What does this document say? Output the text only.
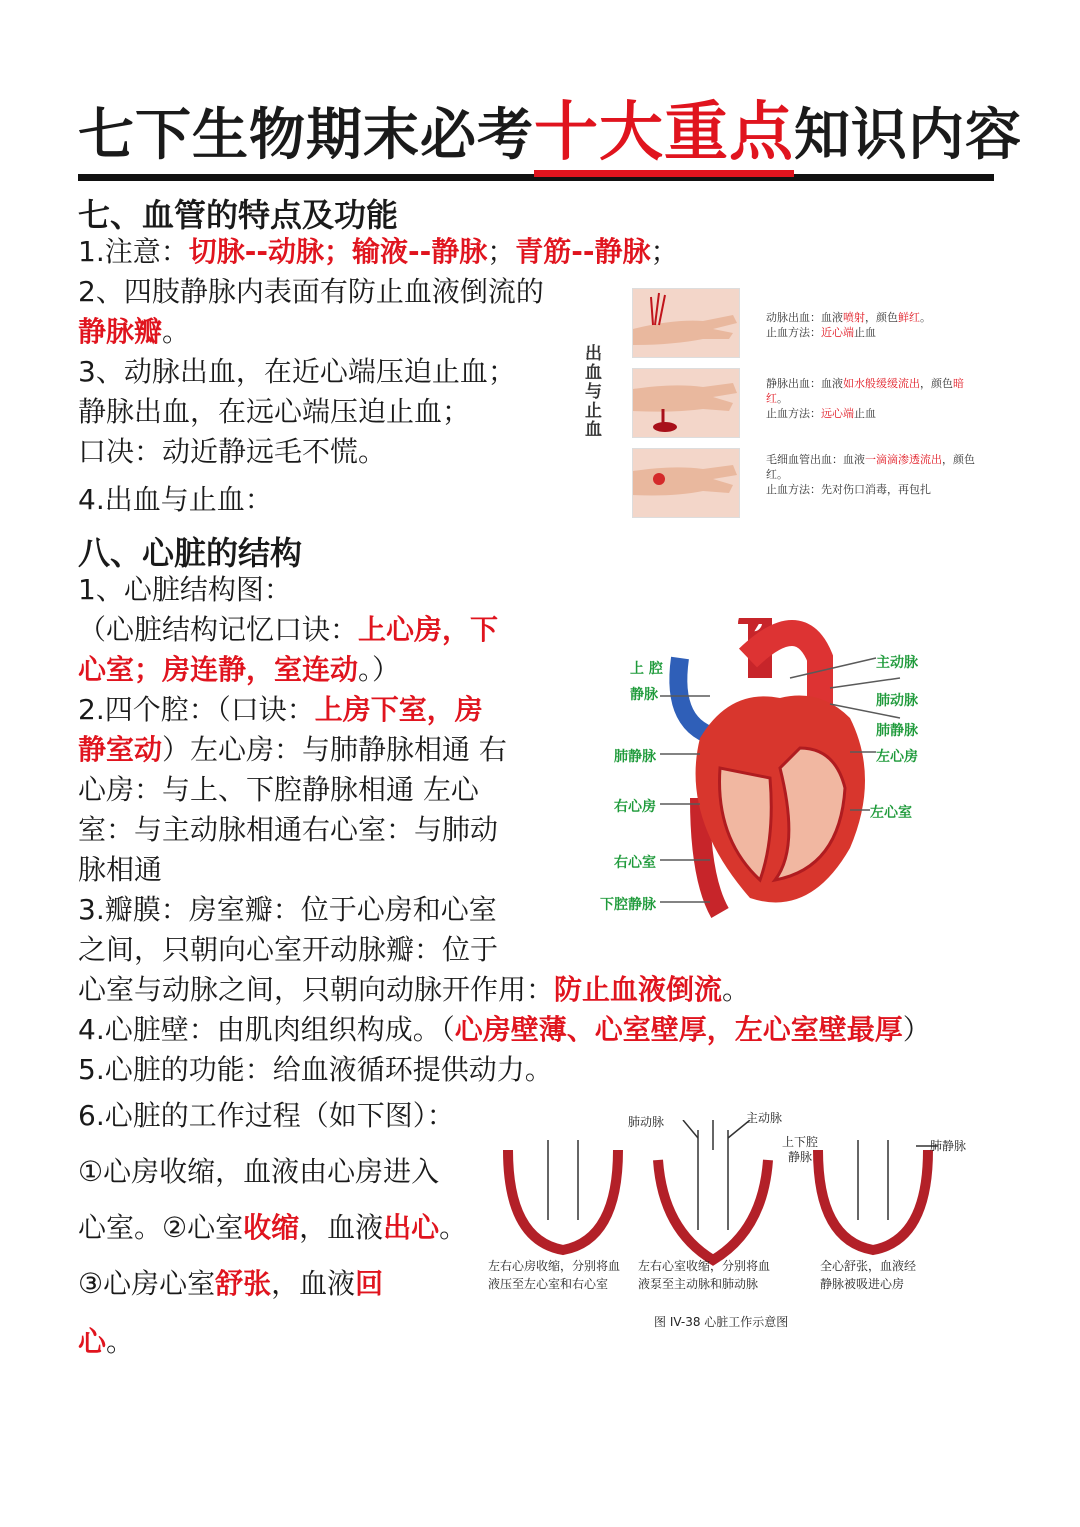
七下生物期末必考十大重点知识内容
七、血管的特点及功能
1.注意：切脉--动脉；输液--静脉；青筋--静脉；
2、四肢静脉内表面有防止血液倒流的
静脉瓣。
3、动脉出血，在近心端压迫止血；
静脉出血，在远心端压迫止血；
口决：动近静远毛不慌。
4.出血与止血：
出血与止血
动脉出血：血液喷射，颜色鲜红。
止血方法：近心端止血
静脉出血：血液如水般缓缓流出，颜色暗红。
止血方法：远心端止血
毛细血管出血：血液一滴滴渗透流出，颜色红。
止血方法：先对伤口消毒，再包扎
八、心脏的结构
1、心脏结构图：
（心脏结构记忆口诀：上心房，下
心室；房连静，室连动。）
2.四个腔：（口诀：上房下室，房
静室动）左心房：与肺静脉相通 右
心房：与上、下腔静脉相通 左心
室：与主动脉相通右心室：与肺动
脉相通
3.瓣膜：房室瓣：位于心房和心室
之间，只朝向心室开动脉瓣：位于
心室与动脉之间，只朝向动脉开作用：防止血液倒流。
4.心脏壁：由肌肉组织构成。（心房壁薄、心室壁厚，左心室壁最厚）
5.心脏的功能：给血液循环提供动力。
6.心脏的工作过程（如下图）：
①心房收缩，血液由心房进入
心室。②心室收缩，血液出心。
③心房心室舒张，血液回
心。
上 腔
静脉
肺静脉
右心房
右心室
下腔静脉
主动脉
肺动脉
肺静脉
左心房
左心室
肺动脉	主动脉
上下腔
静脉
肺静脉
左右心房收缩，分别将血
液压至左心室和右心室
左右心室收缩，分别将血
液泵至主动脉和肺动脉
全心舒张，血液经
静脉被吸进心房
图 IV-38 心脏工作示意图
